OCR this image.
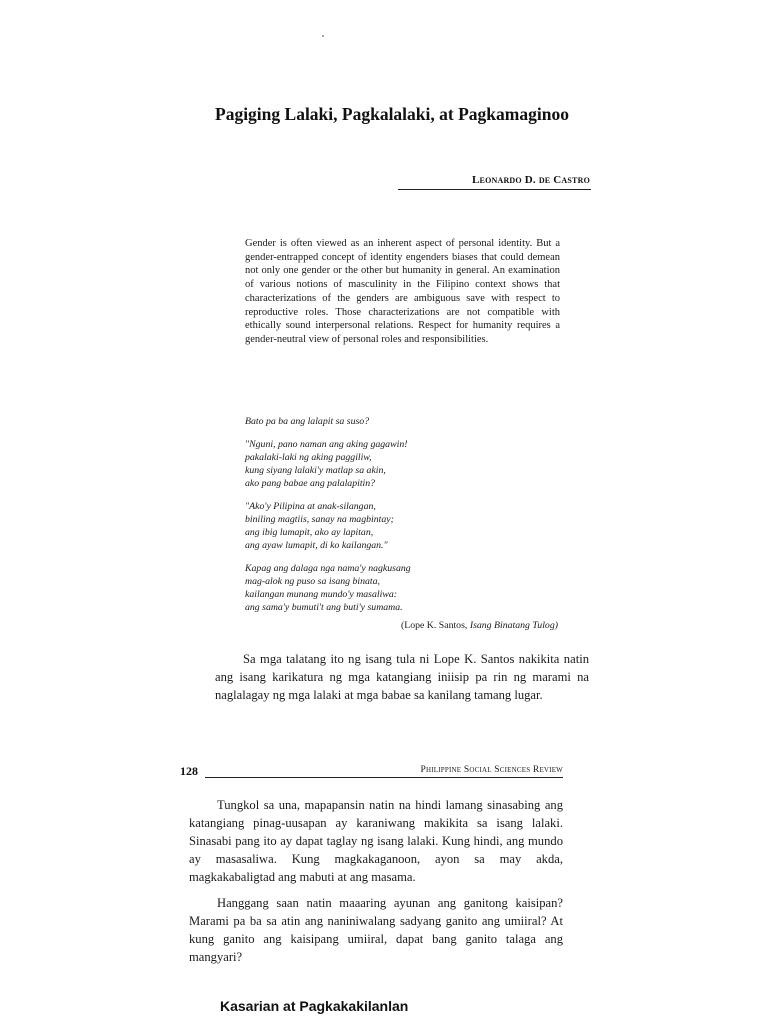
Pagiging Lalaki, Pagkalalaki, at Pagkamaginoo
Leonardo D. de Castro
Gender is often viewed as an inherent aspect of personal identity. But a gender-entrapped concept of identity engenders biases that could demean not only one gender or the other but humanity in general. An examination of various notions of masculinity in the Filipino context shows that characterizations of the genders are ambiguous save with respect to reproductive roles. Those characterizations are not compatible with ethically sound interpersonal relations. Respect for humanity requires a gender-neutral view of personal roles and responsibilities.
Bato pa ba ang lalapit sa suso?
"Nguni, pano naman ang aking gagawin!
pakalaki-laki ng aking paggiliw,
kung siyang lalaki'y matlap sa akin,
ako pang babae ang palalapitin?
"Ako'y Pilipina at anak-silangan,
biniling magtiis, sanay na magbintay;
ang ibig lumapit, ako ay lapitan,
ang ayaw lumapit, di ko kailangan."
Kapag ang dalaga nga nama'y nagkusang
mag-alok ng puso sa isang binata,
kailangan munang mundo'y masaliwa:
ang sama'y bumuti't ang buti'y sumama.
(Lope K. Santos, Isang Binatang Tulog)
Sa mga talatang ito ng isang tula ni Lope K. Santos nakikita natin ang isang karikatura ng mga katangiang iniisip pa rin ng marami na naglalagay ng mga lalaki at mga babae sa kanilang tamang lugar.
128	Philippine Social Sciences Review

Tungkol sa una, mapapansin natin na hindi lamang sinasabing ang katangiang pinag-uusapan ay karaniwang makikita sa isang lalaki. Sinasabi pang ito ay dapat taglay ng isang lalaki. Kung hindi, ang mundo ay masasaliwa. Kung magkakaganoon, ayon sa may akda, magkakabaligtad ang mabuti at ang masama.

Hanggang saan natin maaaring ayunan ang ganitong kaisipan? Marami pa ba sa atin ang naniniwalang sadyang ganito ang umiiral? At kung ganito ang kaisipang umiiral, dapat bang ganito talaga ang mangyari?

Kasarian at Pagkakakilanlan
